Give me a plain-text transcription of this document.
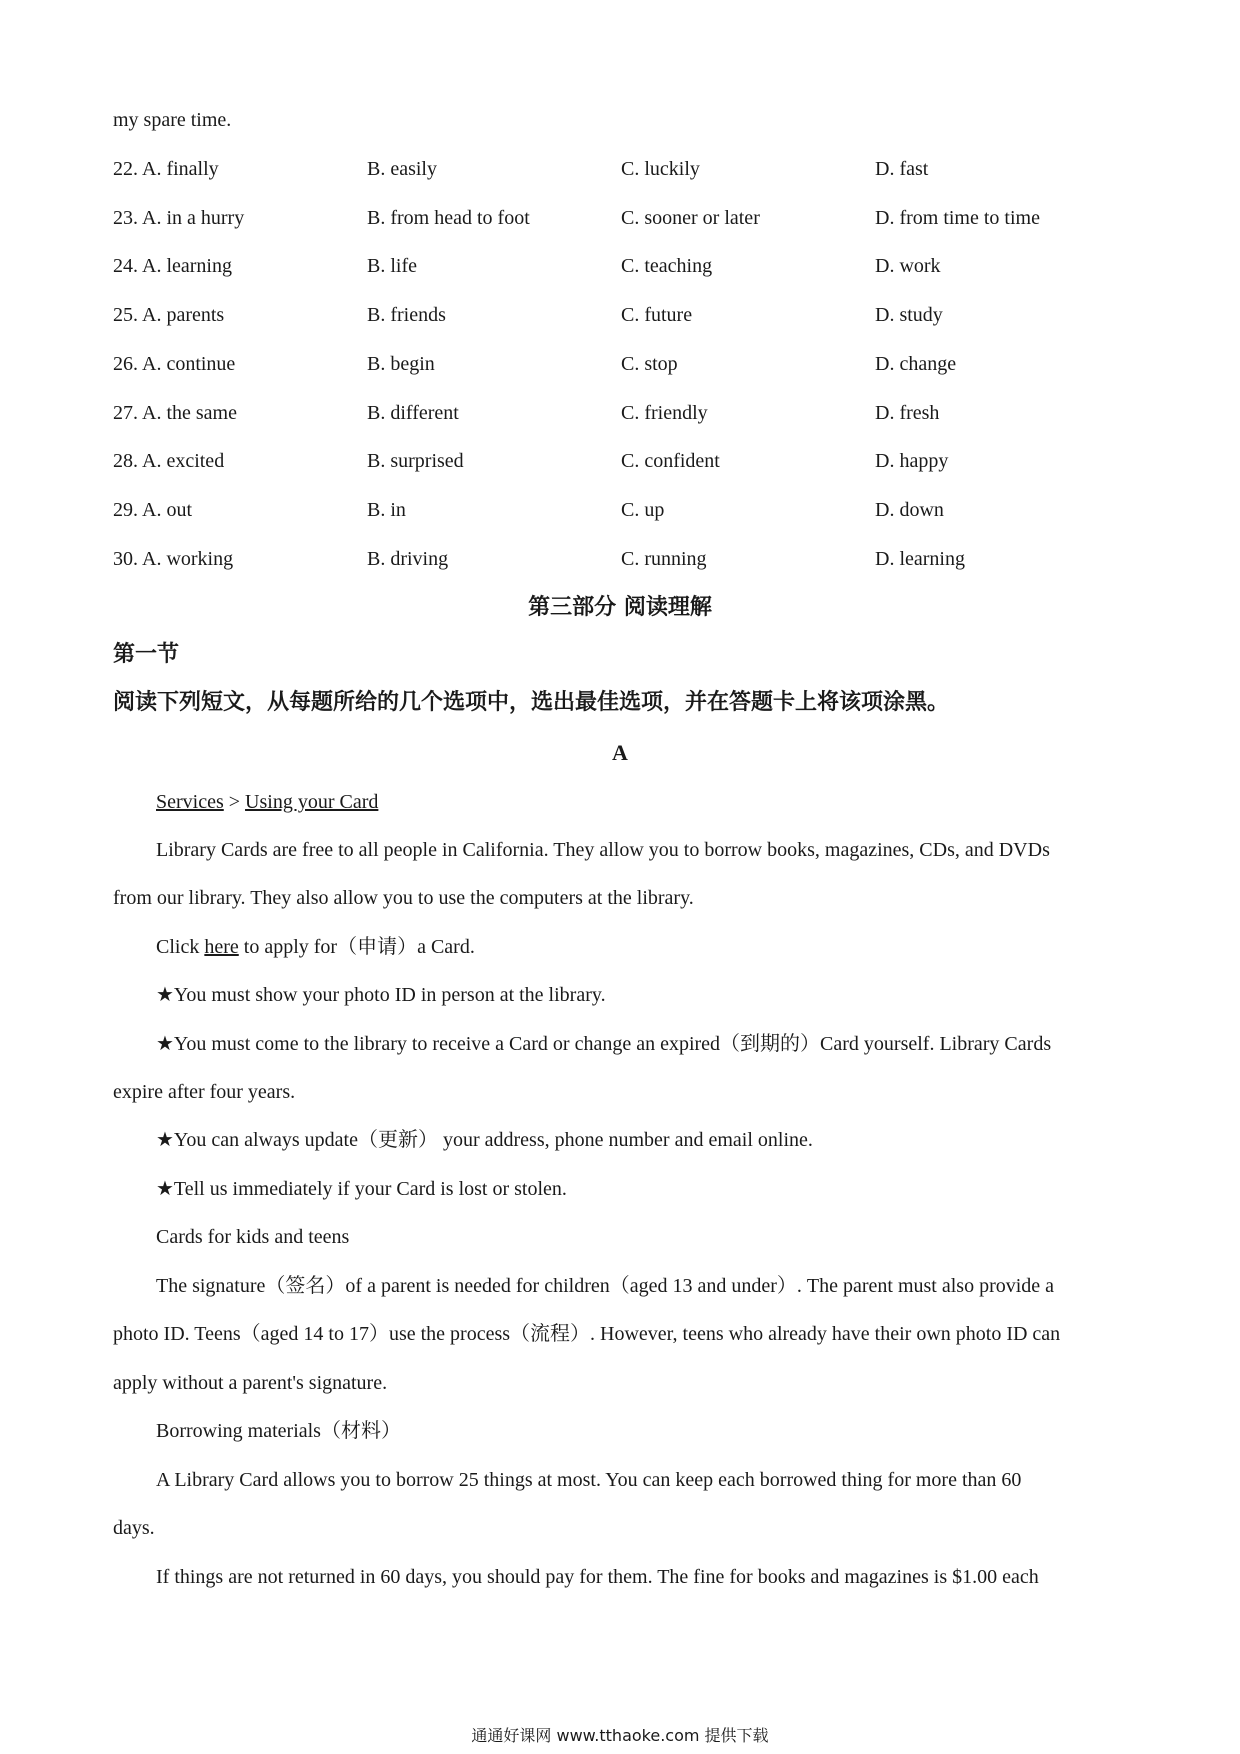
my spare time.
22. A. finally	B. easily	C. luckily	D. fast
23. A. in a hurry	B. from head to foot	C. sooner or later	D. from time to time
24. A. learning	B. life	C. teaching	D. work
25. A. parents	B. friends	C. future	D. study
26. A. continue	B. begin	C. stop	D. change
27. A. the same	B. different	C. friendly	D. fresh
28. A. excited	B. surprised	C. confident	D. happy
29. A. out	B. in	C. up	D. down
30. A. working	B. driving	C. running	D. learning
第三部分 阅读理解
第一节
阅读下列短文，从每题所给的几个选项中，选出最佳选项，并在答题卡上将该项涂黑。
A
Services > Using your Card
Library Cards are free to all people in California. They allow you to borrow books, magazines, CDs, and DVDs
from our library. They also allow you to use the computers at the library.
Click here to apply for（申请）a Card.
★You must show your photo ID in person at the library.
★You must come to the library to receive a Card or change an expired（到期的）Card yourself. Library Cards
expire after four years.
★You can always update（更新） your address, phone number and email online.
★Tell us immediately if your Card is lost or stolen.
Cards for kids and teens
The signature（签名）of a parent is needed for children（aged 13 and under）. The parent must also provide a
photo ID. Teens（aged 14 to 17）use the process（流程）. However, teens who already have their own photo ID can
apply without a parent's signature.
Borrowing materials（材料）
A Library Card allows you to borrow 25 things at most. You can keep each borrowed thing for more than 60
days.
If things are not returned in 60 days, you should pay for them. The fine for books and magazines is $1.00 each
通通好课网 www.tthaoke.com 提供下载
